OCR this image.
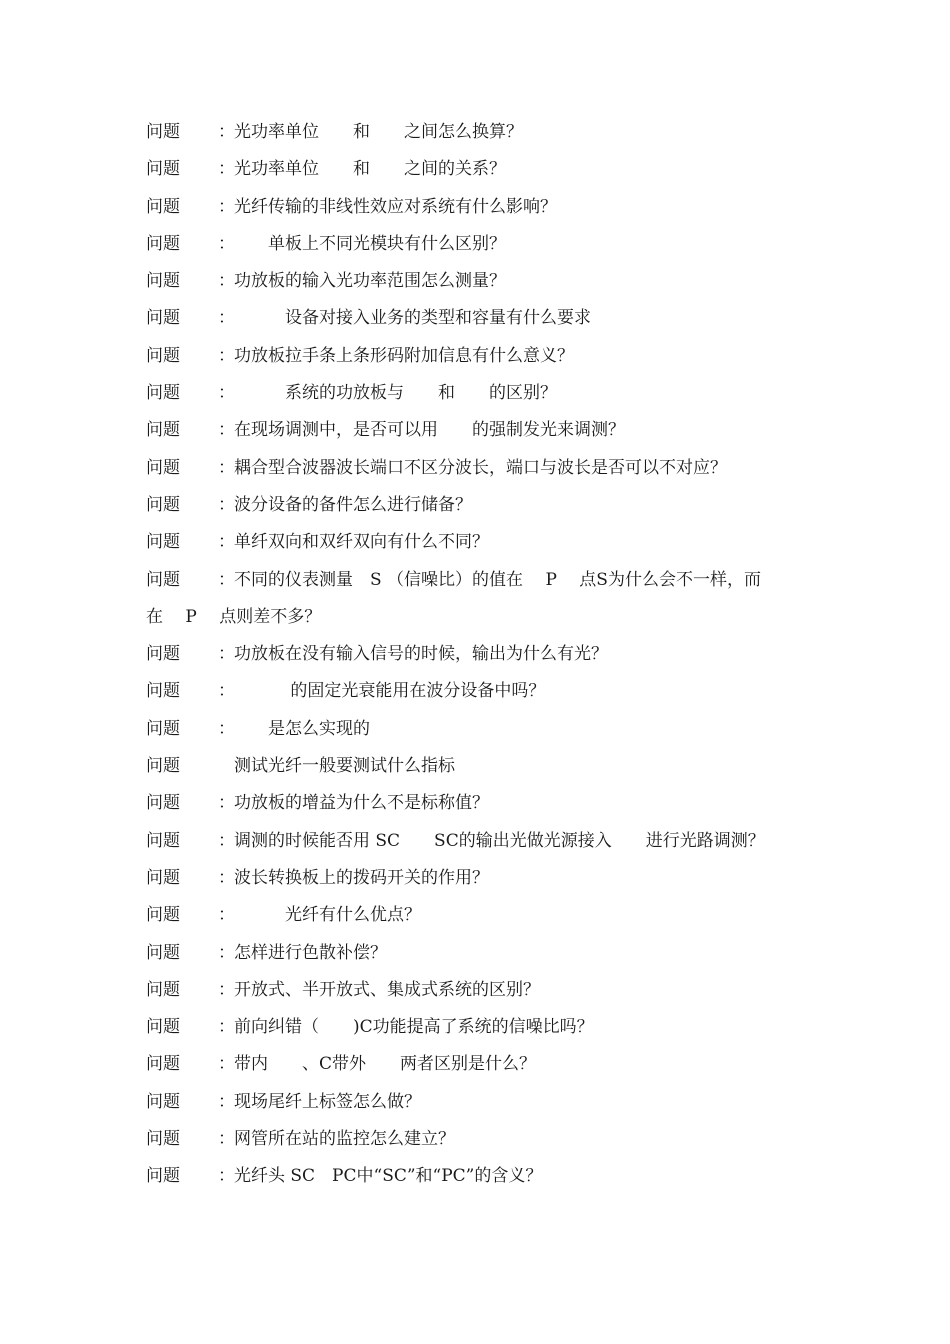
问题 ：光功率单位　　和　　之间怎么换算？
问题 ：光功率单位　　和　　之间的关系？
问题 ：光纤传输的非线性效应对系统有什么影响？
问题 ：　　单板上不同光模块有什么区别？
问题 ：功放板的输入光功率范围怎么测量？
问题 ：　　　设备对接入业务的类型和容量有什么要求
问题 ：功放板拉手条上条形码附加信息有什么意义？
问题 ：　　　系统的功放板与　　和　　的区别？
问题 ：在现场调测中，是否可以用　　的强制发光来调测？
问题 ：耦合型合波器波长端口不区分波长，端口与波长是否可以不对应？
问题 ：波分设备的备件怎么进行储备？
问题 ：单纤双向和双纤双向有什么不同？
问题 ：不同的仪表测量　S （信噪比）的值在　 P　 点S为什么会不一样，而
在　 P　 点则差不多？
问题 ：功放板在没有输入信号的时候，输出为什么有光？
问题 ：　　　 的固定光衰能用在波分设备中吗？
问题 ：　　是怎么实现的
问题	测试光纤一般要测试什么指标
问题 ：功放板的增益为什么不是标称值？
问题 ：调测的时候能否用 SC　　SC的输出光做光源接入　　进行光路调测？
问题 ：波长转换板上的拨码开关的作用？
问题 ：　　　光纤有什么优点？
问题 ：怎样进行色散补偿？
问题 ：开放式、半开放式、集成式系统的区别？
问题 ：前向纠错（　　)C功能提高了系统的信噪比吗？
问题 ：带内　　、C带外　　两者区别是什么？
问题 ：现场尾纤上标签怎么做？
问题 ：网管所在站的监控怎么建立？
问题 ：光纤头 SC　PC中“SC”和“PC”的含义？
